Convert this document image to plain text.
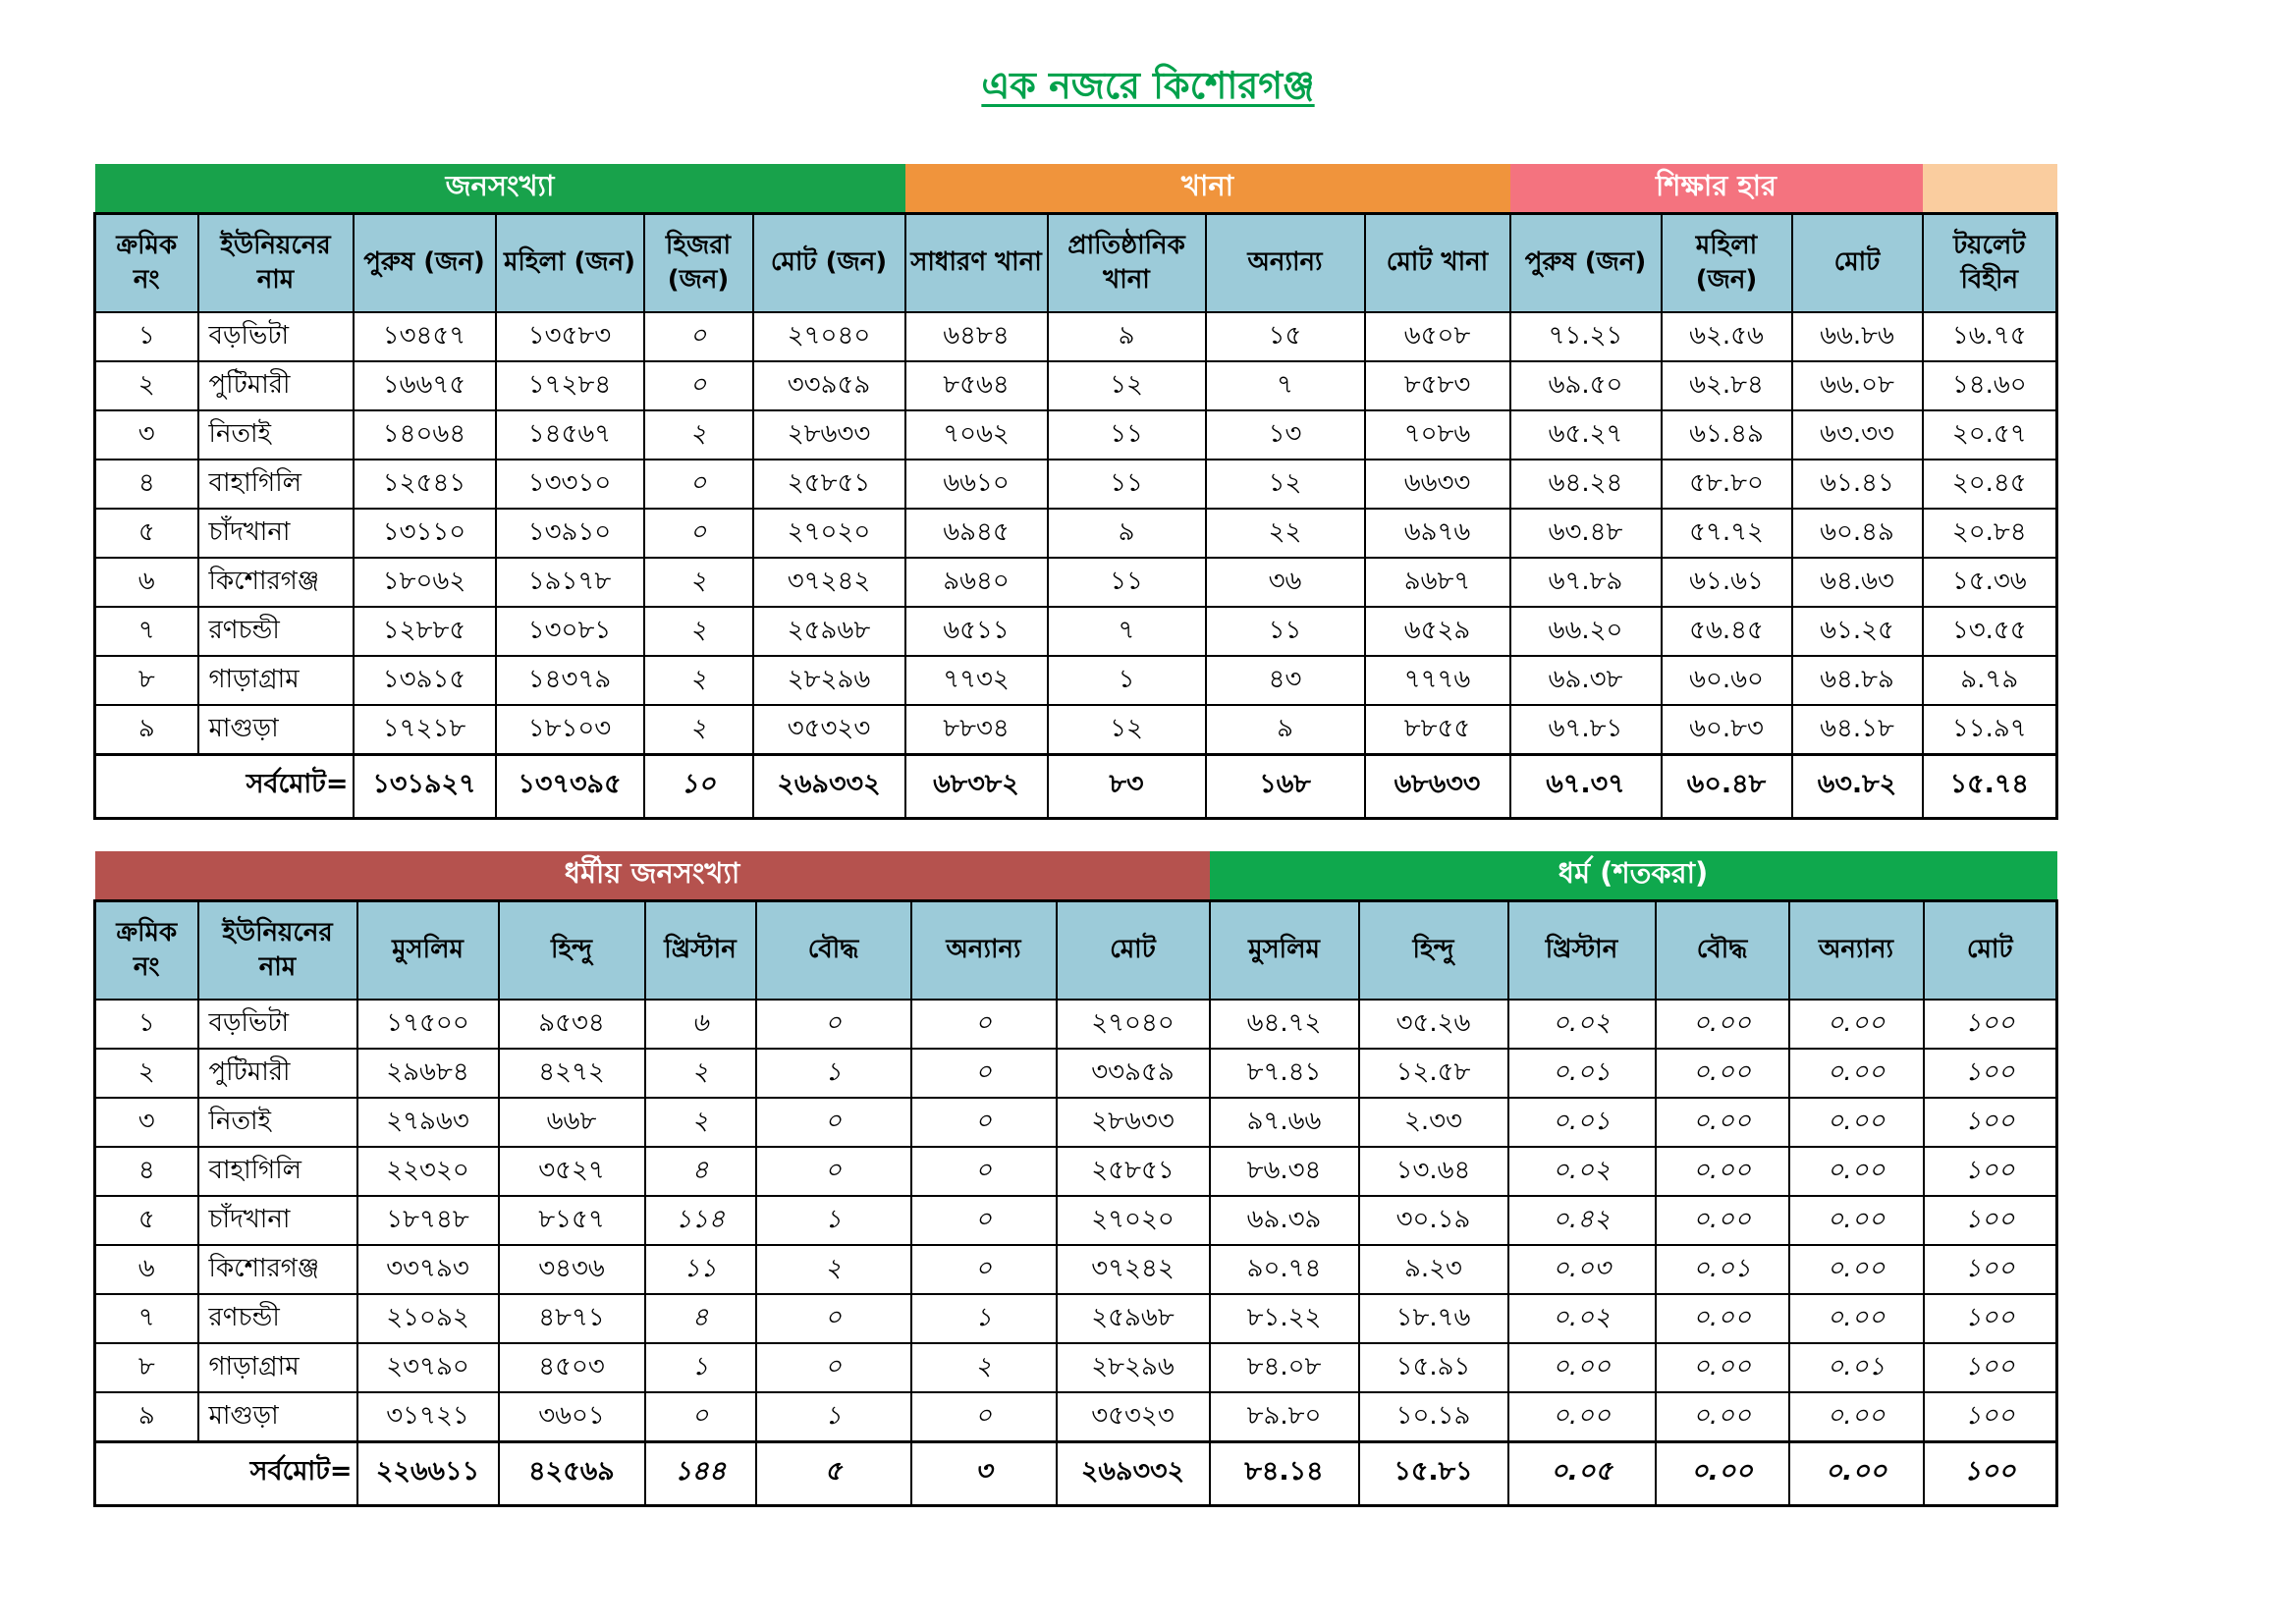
এক নজরে কিশোরগঞ্জ
জনসংখ্যা						খানা				শিক্ষার হার			
ক্রমিক নং	ইউনিয়নের নাম	পুরুষ (জন)	মহিলা (জন)	হিজরা (জন)	মোট (জন)	সাধারণ খানা	প্রাতিষ্ঠানিক খানা	অন্যান্য	মোট খানা	পুরুষ (জন)	মহিলা (জন)	মোট	টয়লেট বিহীন
১	বড়ভিটা	১৩৪৫৭	১৩৫৮৩	০	২৭০৪০	৬৪৮৪	৯	১৫	৬৫০৮	৭১.২১	৬২.৫৬	৬৬.৮৬	১৬.৭৫
২	পুটিমারী	১৬৬৭৫	১৭২৮৪	০	৩৩৯৫৯	৮৫৬৪	১২	৭	৮৫৮৩	৬৯.৫০	৬২.৮৪	৬৬.০৮	১৪.৬০
৩	নিতাই	১৪০৬৪	১৪৫৬৭	২	২৮৬৩৩	৭০৬২	১১	১৩	৭০৮৬	৬৫.২৭	৬১.৪৯	৬৩.৩৩	২০.৫৭
৪	বাহাগিলি	১২৫৪১	১৩৩১০	০	২৫৮৫১	৬৬১০	১১	১২	৬৬৩৩	৬৪.২৪	৫৮.৮০	৬১.৪১	২০.৪৫
৫	চাঁদখানা	১৩১১০	১৩৯১০	০	২৭০২০	৬৯৪৫	৯	২২	৬৯৭৬	৬৩.৪৮	৫৭.৭২	৬০.৪৯	২০.৮৪
৬	কিশোরগঞ্জ	১৮০৬২	১৯১৭৮	২	৩৭২৪২	৯৬৪০	১১	৩৬	৯৬৮৭	৬৭.৮৯	৬১.৬১	৬৪.৬৩	১৫.৩৬
৭	রণচন্ডী	১২৮৮৫	১৩০৮১	২	২৫৯৬৮	৬৫১১	৭	১১	৬৫২৯	৬৬.২০	৫৬.৪৫	৬১.২৫	১৩.৫৫
৮	গাড়াগ্রাম	১৩৯১৫	১৪৩৭৯	২	২৮২৯৬	৭৭৩২	১	৪৩	৭৭৭৬	৬৯.৩৮	৬০.৬০	৬৪.৮৯	৯.৭৯
৯	মাগুড়া	১৭২১৮	১৮১০৩	২	৩৫৩২৩	৮৮৩৪	১২	৯	৮৮৫৫	৬৭.৮১	৬০.৮৩	৬৪.১৮	১১.৯৭
সর্বমোট=		১৩১৯২৭	১৩৭৩৯৫	১০	২৬৯৩৩২	৬৮৩৮২	৮৩	১৬৮	৬৮৬৩৩	৬৭.৩৭	৬০.৪৮	৬৩.৮২	১৫.৭৪
ধর্মীয় জনসংখ্যা								ধর্ম (শতকরা)					
ক্রমিক নং	ইউনিয়নের নাম	মুসলিম	হিন্দু	খ্রিস্টান	বৌদ্ধ	অন্যান্য	মোট	মুসলিম	হিন্দু	খ্রিস্টান	বৌদ্ধ	অন্যান্য	মোট
১	বড়ভিটা	১৭৫০০	৯৫৩৪	৬	০	০	২৭০৪০	৬৪.৭২	৩৫.২৬	০.০২	০.০০	০.০০	১০০
২	পুটিমারী	২৯৬৮৪	৪২৭২	২	১	০	৩৩৯৫৯	৮৭.৪১	১২.৫৮	০.০১	০.০০	০.০০	১০০
৩	নিতাই	২৭৯৬৩	৬৬৮	২	০	০	২৮৬৩৩	৯৭.৬৬	২.৩৩	০.০১	০.০০	০.০০	১০০
৪	বাহাগিলি	২২৩২০	৩৫২৭	৪	০	০	২৫৮৫১	৮৬.৩৪	১৩.৬৪	০.০২	০.০০	০.০০	১০০
৫	চাঁদখানা	১৮৭৪৮	৮১৫৭	১১৪	১	০	২৭০২০	৬৯.৩৯	৩০.১৯	০.৪২	০.০০	০.০০	১০০
৬	কিশোরগঞ্জ	৩৩৭৯৩	৩৪৩৬	১১	২	০	৩৭২৪২	৯০.৭৪	৯.২৩	০.০৩	০.০১	০.০০	১০০
৭	রণচন্ডী	২১০৯২	৪৮৭১	৪	০	১	২৫৯৬৮	৮১.২২	১৮.৭৬	০.০২	০.০০	০.০০	১০০
৮	গাড়াগ্রাম	২৩৭৯০	৪৫০৩	১	০	২	২৮২৯৬	৮৪.০৮	১৫.৯১	০.০০	০.০০	০.০১	১০০
৯	মাগুড়া	৩১৭২১	৩৬০১	০	১	০	৩৫৩২৩	৮৯.৮০	১০.১৯	০.০০	০.০০	০.০০	১০০
সর্বমোট=		২২৬৬১১	৪২৫৬৯	১৪৪	৫	৩	২৬৯৩৩২	৮৪.১৪	১৫.৮১	০.০৫	০.০০	০.০০	১০০
